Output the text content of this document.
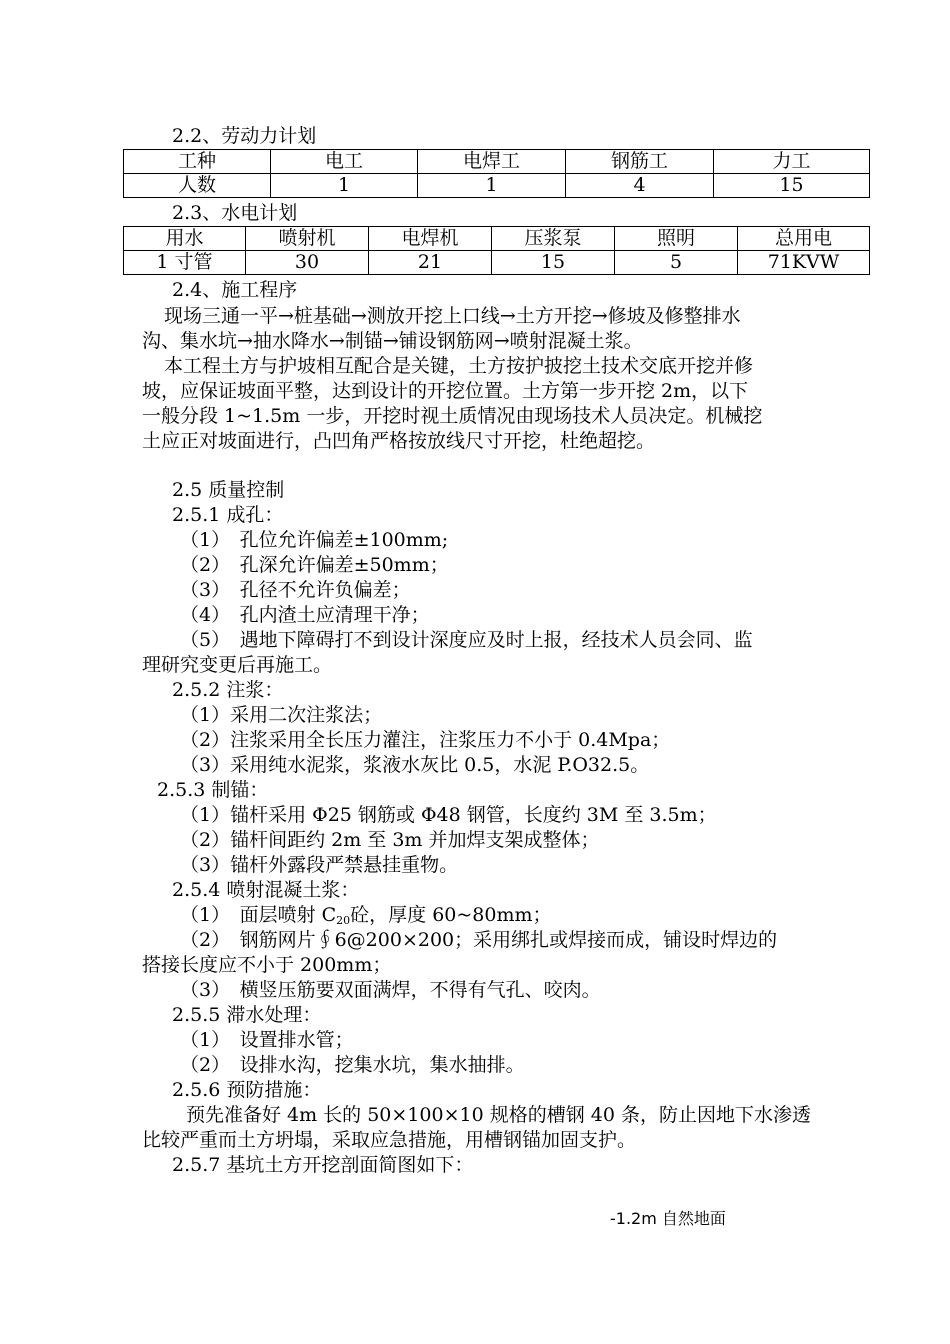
2.2、劳动力计划
工种	电工	电焊工	钢筋工	力工
人数	1	1	4	15
2.3、水电计划
用水	喷射机	电焊机	压浆泵	照明	总用电
1 寸管	30	21	15	5	71KVW
2.4、施工程序
现场三通一平→桩基础→测放开挖上口线→土方开挖→修坡及修整排水
沟、集水坑→抽水降水→制锚→铺设钢筋网→喷射混凝土浆。
本工程土方与护坡相互配合是关键，土方按护披挖土技术交底开挖并修
坡，应保证坡面平整，达到设计的开挖位置。土方第一步开挖 2m，以下
一般分段 1~1.5m 一步，开挖时视土质情况由现场技术人员决定。机械挖
土应正对坡面进行，凸凹角严格按放线尺寸开挖，杜绝超挖。
2.5 质量控制
2.5.1 成孔：
（1）　孔位允许偏差±100mm;
（2）　孔深允许偏差±50mm；
（3）　孔径不允许负偏差；
（4）　孔内渣土应清理干净；
（5）　遇地下障碍打不到设计深度应及时上报，经技术人员会同、监
理研究变更后再施工。
2.5.2 注浆：
（1）采用二次注浆法；
（2）注浆采用全长压力灌注，注浆压力不小于 0.4Mpa；
（3）采用纯水泥浆，浆液水灰比 0.5，水泥 P.O32.5。
2.5.3 制锚：
（1）锚杆采用 Φ25 钢筋或 Φ48 钢管，长度约 3M 至 3.5m；
（2）锚杆间距约 2m 至 3m 并加焊支架成整体；
（3）锚杆外露段严禁悬挂重物。
2.5.4 喷射混凝土浆：
（1）　面层喷射 $C_{20}$砼，厚度 60~80mm；
（2）　钢筋网片∮6@200×200；采用绑扎或焊接而成，铺设时焊边的
搭接长度应不小于 200mm；
（3）　横竖压筋要双面满焊，不得有气孔、咬肉。
2.5.5 滞水处理：
（1）　设置排水管；
（2）　设排水沟，挖集水坑，集水抽排。
2.5.6 预防措施：
预先准备好 4m 长的 50×100×10 规格的槽钢 40 条，防止因地下水渗透
比较严重而土方坍塌，采取应急措施，用槽钢锚加固支护。
2.5.7 基坑土方开挖剖面简图如下：
-1.2m 自然地面
